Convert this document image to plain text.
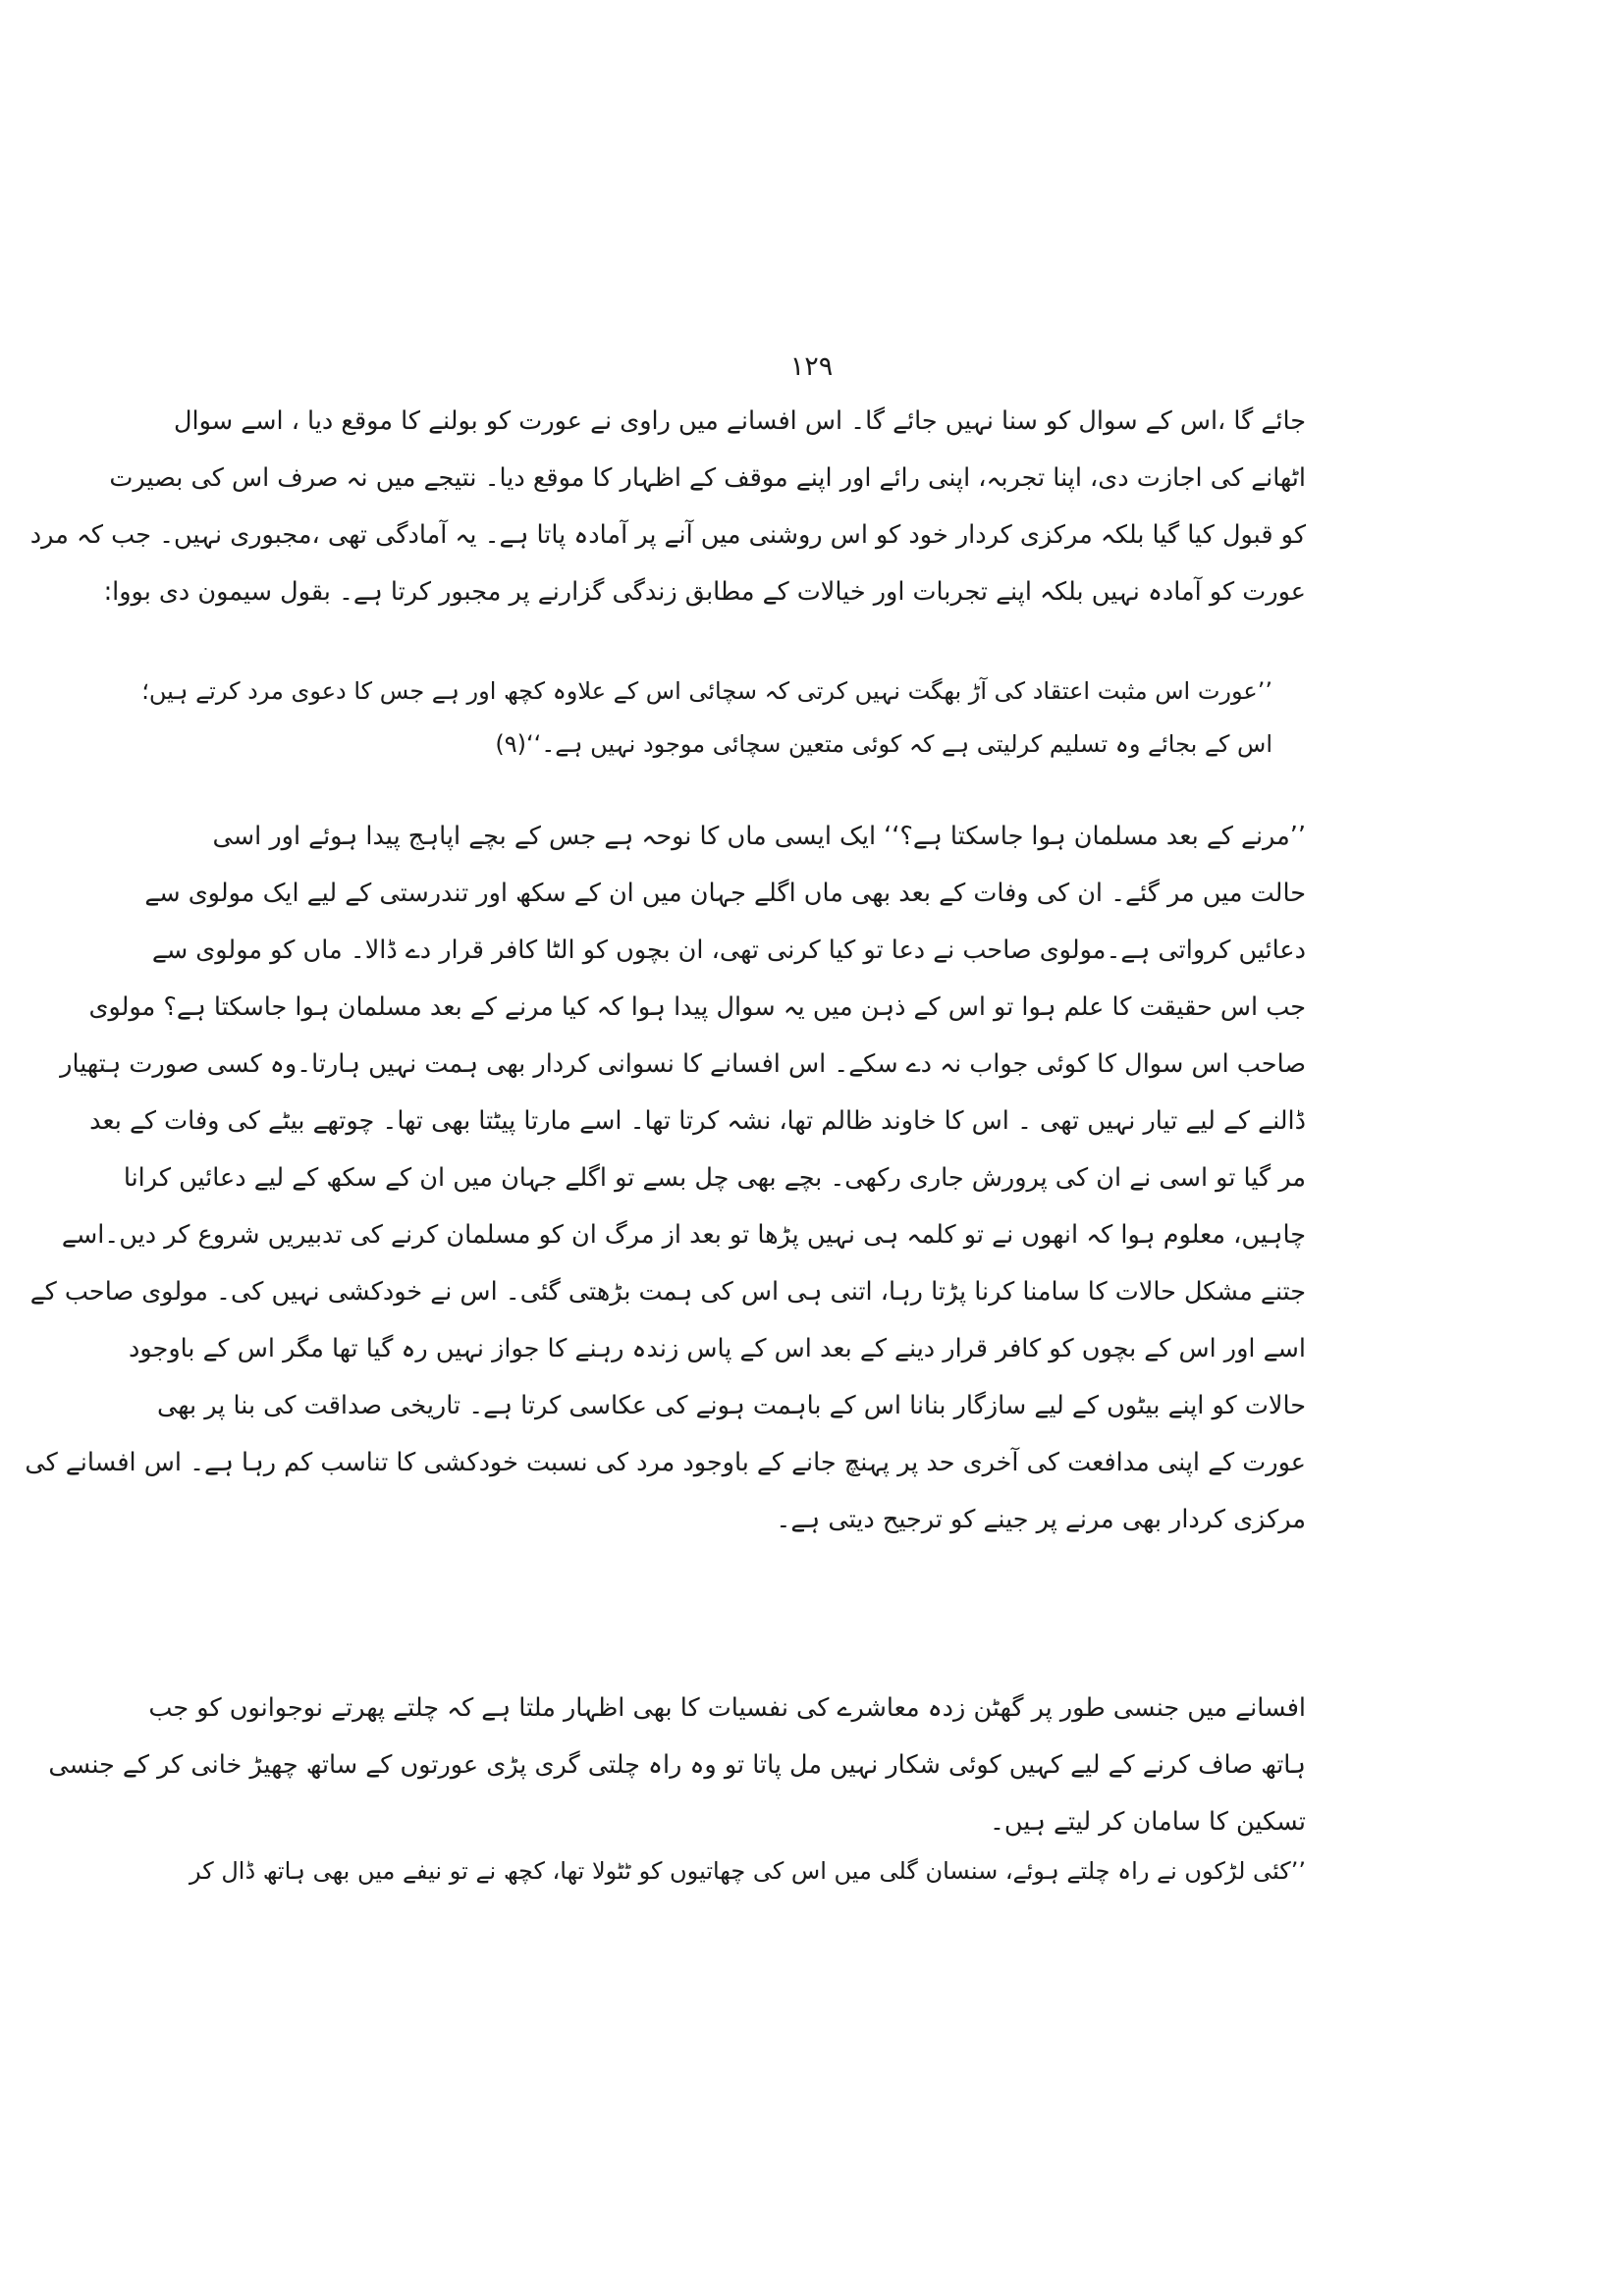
۱۲۹
جائے گا ،اس کے سوال کو سنا نہیں جائے گا۔ اس افسانے میں راوی نے عورت کو بولنے کا موقع دیا ، اسے سوال
اٹھانے کی اجازت دی، اپنا تجربہ، اپنی رائے اور اپنے موقف کے اظہار کا موقع دیا۔ نتیجے میں نہ صرف اس کی بصیرت
کو قبول کیا گیا بلکہ مرکزی کردار خود کو اس روشنی میں آنے پر آمادہ پاتا ہے۔ یہ آمادگی تھی ،مجبوری نہیں۔ جب کہ مرد
عورت کو آمادہ نہیں بلکہ اپنے تجربات اور خیالات کے مطابق زندگی گزارنے پر مجبور کرتا ہے۔ بقول سیمون دی بووا:
’’عورت اس مثبت اعتقاد کی آڑ بھگت نہیں کرتی کہ سچائی اس کے علاوہ کچھ اور ہے جس کا دعوی مرد کرتے ہیں؛
اس کے بجائے وہ تسلیم کرلیتی ہے کہ کوئی متعین سچائی موجود نہیں ہے۔‘‘(۹)
’’مرنے کے بعد مسلمان ہوا جاسکتا ہے؟‘‘ ایک ایسی ماں کا نوحہ ہے جس کے بچے اپاہج پیدا ہوئے اور اسی
حالت میں مر گئے۔ ان کی وفات کے بعد بھی ماں اگلے جہان میں ان کے سکھ اور تندرستی کے لیے ایک مولوی سے
دعائیں کرواتی ہے۔مولوی صاحب نے دعا تو کیا کرنی تھی، ان بچوں کو الٹا کافر قرار دے ڈالا۔ ماں کو مولوی سے
جب اس حقیقت کا علم ہوا تو اس کے ذہن میں یہ سوال پیدا ہوا کہ کیا مرنے کے بعد مسلمان ہوا جاسکتا ہے؟ مولوی
صاحب اس سوال کا کوئی جواب نہ دے سکے۔ اس افسانے کا نسوانی کردار بھی ہمت نہیں ہارتا۔وہ کسی صورت ہتھیار
ڈالنے کے لیے تیار نہیں تھی ۔ اس کا خاوند ظالم تھا، نشہ کرتا تھا۔ اسے مارتا پیٹتا بھی تھا۔ چوتھے بیٹے کی وفات کے بعد
مر گیا تو اسی نے ان کی پرورش جاری رکھی۔ بچے بھی چل بسے تو اگلے جہان میں ان کے سکھ کے لیے دعائیں کرانا
چاہیں، معلوم ہوا کہ انھوں نے تو کلمہ ہی نہیں پڑھا تو بعد از مرگ ان کو مسلمان کرنے کی تدبیریں شروع کر دیں۔اسے
جتنے مشکل حالات کا سامنا کرنا پڑتا رہا، اتنی ہی اس کی ہمت بڑھتی گئی۔ اس نے خودکشی نہیں کی۔ مولوی صاحب کے
اسے اور اس کے بچوں کو کافر قرار دینے کے بعد اس کے پاس زندہ رہنے کا جواز نہیں رہ گیا تھا مگر اس کے باوجود
حالات کو اپنے بیٹوں کے لیے سازگار بنانا اس کے باہمت ہونے کی عکاسی کرتا ہے۔ تاریخی صداقت کی بنا پر بھی
عورت کے اپنی مدافعت کی آخری حد پر پہنچ جانے کے باوجود مرد کی نسبت خودکشی کا تناسب کم رہا ہے۔ اس افسانے کی
مرکزی کردار بھی مرنے پر جینے کو ترجیح دیتی ہے۔
افسانے میں جنسی طور پر گھٹن زدہ معاشرے کی نفسیات کا بھی اظہار ملتا ہے کہ چلتے پھرتے نوجوانوں کو جب
ہاتھ صاف کرنے کے لیے کہیں کوئی شکار نہیں مل پاتا تو وہ راہ چلتی گری پڑی عورتوں کے ساتھ چھیڑ خانی کر کے جنسی
تسکین کا سامان کر لیتے ہیں۔
’’کئی لڑکوں نے راہ چلتے ہوئے، سنسان گلی میں اس کی چھاتیوں کو ٹٹولا تھا، کچھ نے تو نیفے میں بھی ہاتھ ڈال کر
